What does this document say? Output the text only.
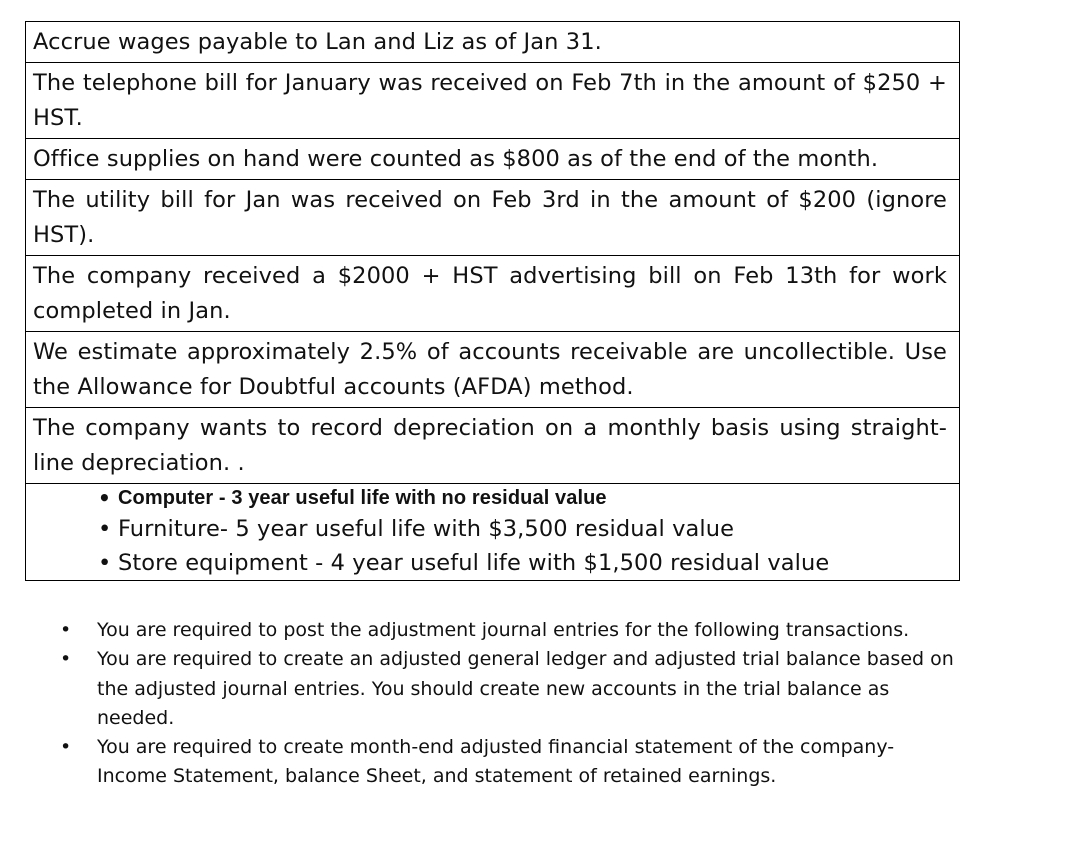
Accrue wages payable to Lan and Liz as of Jan 31.
The telephone bill for January was received on Feb 7th in the amount of $250 + HST.
Office supplies on hand were counted as $800 as of the end of the month.
The utility bill for Jan was received on Feb 3rd in the amount of $200 (ignore HST).
The company received a $2000 + HST advertising bill on Feb 13th for work completed in Jan.
We estimate approximately 2.5% of accounts receivable are uncollectible. Use the Allowance for Doubtful accounts (AFDA) method.
The company wants to record depreciation on a monthly basis using straight-line depreciation. .
• Computer - 3 year useful life with no residual value
• Furniture- 5 year useful life with $3,500 residual value
• Store equipment - 4 year useful life with $1,500 residual value
• You are required to post the adjustment journal entries for the following transactions.
• You are required to create an adjusted general ledger and adjusted trial balance based on the adjusted journal entries. You should create new accounts in the trial balance as needed.
• You are required to create month-end adjusted financial statement of the company- Income Statement, balance Sheet, and statement of retained earnings.
